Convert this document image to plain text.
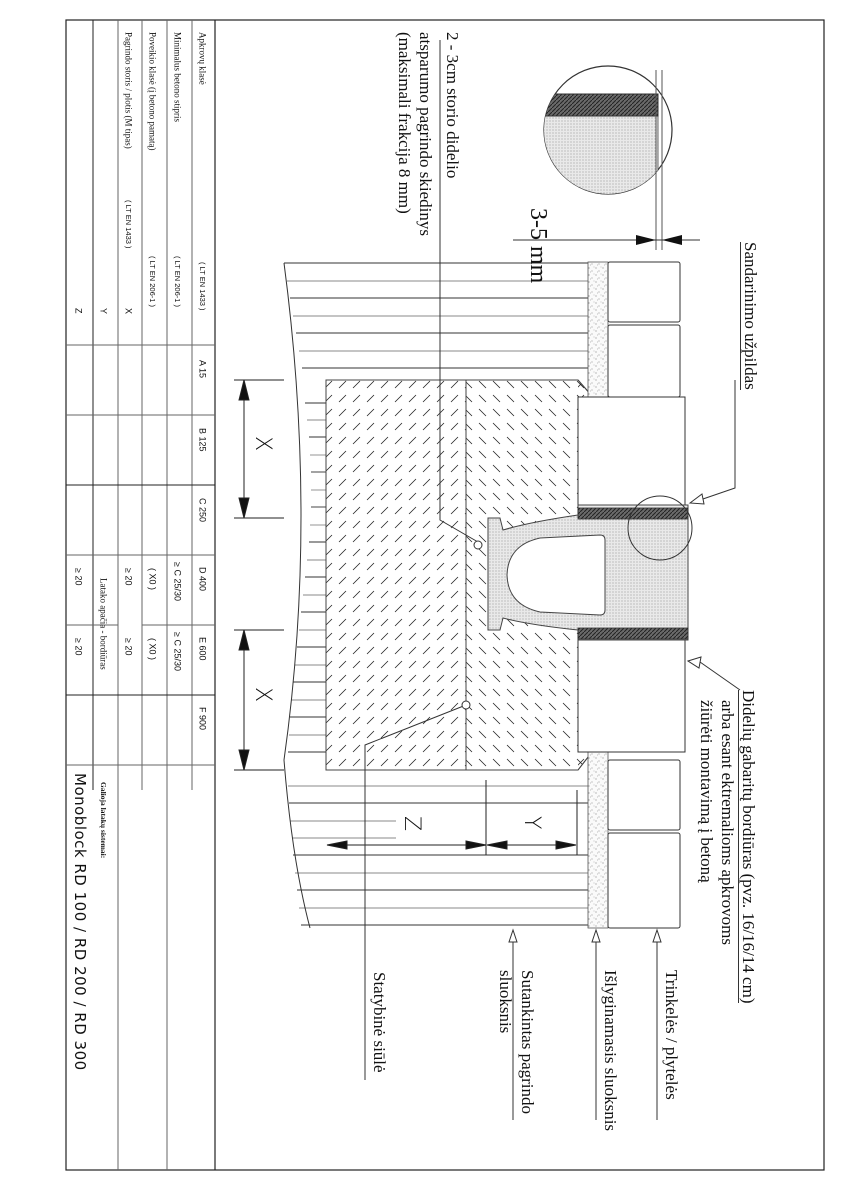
Apkrovų klasė
( LT EN 1433 )
Minimalus betono stipris
( LT EN 206-1 )
Poveikio klasė (į betono pamatą)
( LT EN 206-1 )
Pagrindo storis / plotis (M tipas)
( LT EN 1433 )
X
Y
Z
A 15
B 125
C 250
D 400
E 600
F 900
≥ C 25/30
≥ C 25/30
( X0 )
( X0 )
≥ 20
≥ 20
Latako apačia - bordiūras
≥ 20
≥ 20
Galioja latakų sistemai:
Monoblock RD 100 / RD 200 / RD 300
2 - 3cm storio didelio
atsparumo pagrindo skiedinys
(maksimali frakcija 8 mm)
3-5 mm	Sandarinimo užpildas
Didelių gabaritų bordiūras (pvz. 16/16/14 cm)
arba esant ektremalioms apkrovoms
žiūrėti montavimą į betoną
Trinkelės / plytelės
Išlyginamasis sluoksnis
Sutankintas pagrindo
sluoksnis
Statybinė siūlė
X
X
Z	Y
